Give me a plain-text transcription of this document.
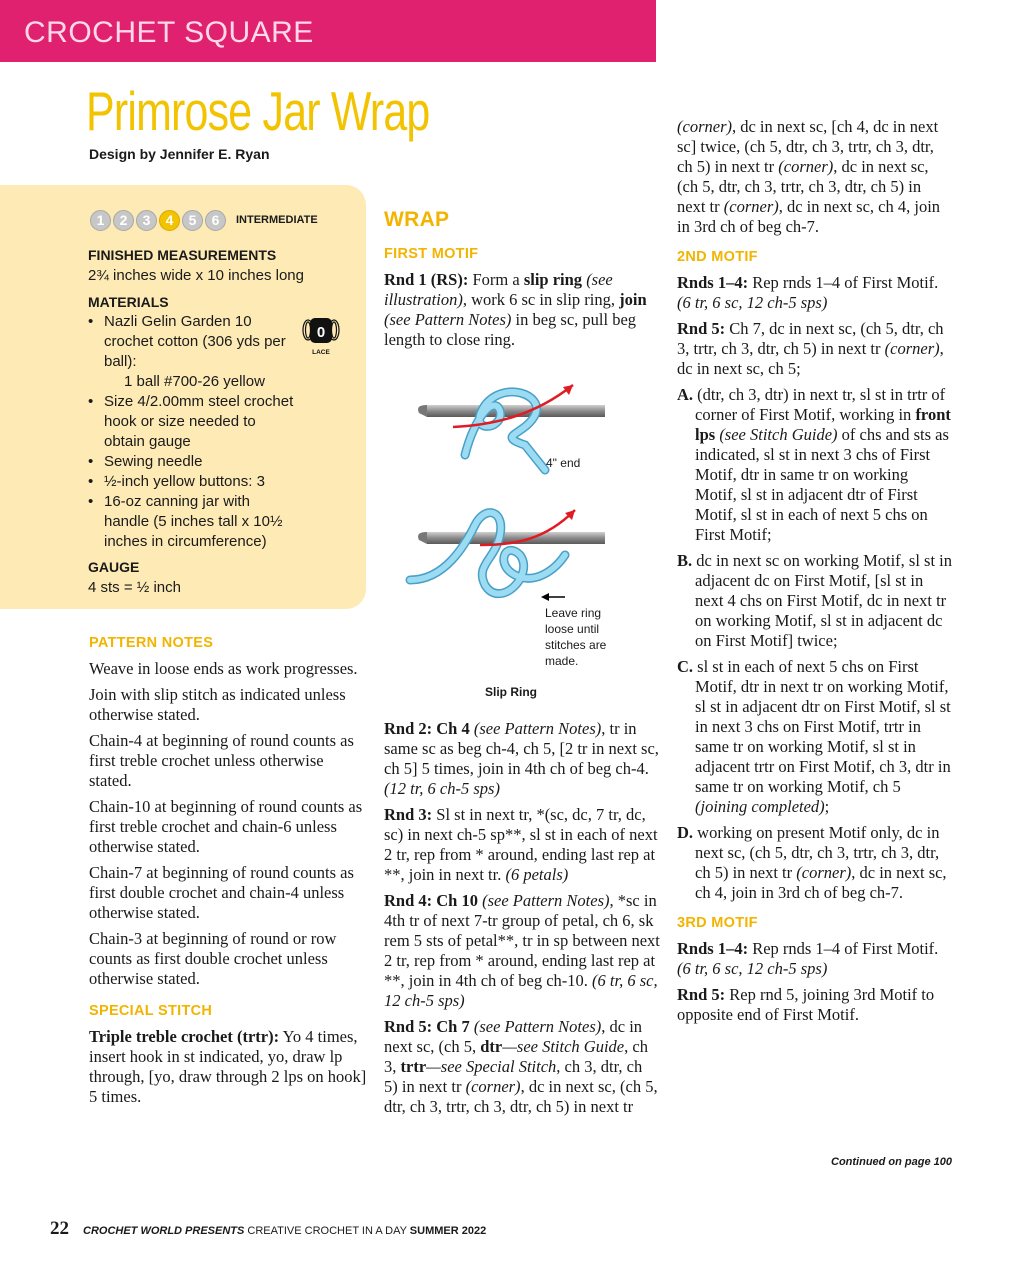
CROCHET SQUARE
Primrose Jar Wrap
Design by Jennifer E. Ryan
1	2	3	4	5	6	INTERMEDIATE
FINISHED MEASUREMENTS
2¾ inches wide x 10 inches long
MATERIALS
• Nazli Gelin Garden 10 crochet cotton (306 yds per ball):
1 ball #700-26 yellow
• Size 4/2.00mm steel crochet hook or size needed to obtain gauge
• Sewing needle
• ½-inch yellow buttons: 3
• 16-oz canning jar with handle (5 inches tall x 10½ inches in circumference)
0
LACE
GAUGE
4 sts = ½ inch
PATTERN NOTES

Weave in loose ends as work progresses.

Join with slip stitch as indicated unless otherwise stated.

Chain-4 at beginning of round counts as first treble crochet unless otherwise stated.

Chain-10 at beginning of round counts as first treble crochet and chain-6 unless otherwise stated.

Chain-7 at beginning of round counts as first double crochet and chain-4 unless otherwise stated.

Chain-3 at beginning of round or row counts as first double crochet unless otherwise stated.

SPECIAL STITCH

Triple treble crochet (trtr): Yo 4 times, insert hook in st indicated, yo, draw lp through, [yo, draw through 2 lps on hook] 5 times.

WRAP
FIRST MOTIF

Rnd 1 (RS): Form a slip ring (see illustration), work 6 sc in slip ring, join (see Pattern Notes) in beg sc, pull beg length to close ring.

4" end
Leave ring loose until stitches are made.
Slip Ring

Rnd 2: Ch 4 (see Pattern Notes), tr in same sc as beg ch-4, ch 5, [2 tr in next sc, ch 5] 5 times, join in 4th ch of beg ch-4. (12 tr, 6 ch-5 sps)

Rnd 3: Sl st in next tr, *(sc, dc, 7 tr, dc, sc) in next ch-5 sp**, sl st in each of next 2 tr, rep from * around, ending last rep at **, join in next tr. (6 petals)

Rnd 4: Ch 10 (see Pattern Notes), *sc in 4th tr of next 7-tr group of petal, ch 6, sk rem 5 sts of petal**, tr in sp between next 2 tr, rep from * around, ending last rep at **, join in 4th ch of beg ch-10. (6 tr, 6 sc, 12 ch-5 sps)

Rnd 5: Ch 7 (see Pattern Notes), dc in next sc, (ch 5, dtr—see Stitch Guide, ch 3, trtr—see Special Stitch, ch 3, dtr, ch 5) in next tr (corner), dc in next sc, (ch 5, dtr, ch 3, trtr, ch 3, dtr, ch 5) in next tr

(corner), dc in next sc, [ch 4, dc in next sc] twice, (ch 5, dtr, ch 3, trtr, ch 3, dtr, ch 5) in next tr (corner), dc in next sc, (ch 5, dtr, ch 3, trtr, ch 3, dtr, ch 5) in next tr (corner), dc in next sc, ch 4, join in 3rd ch of beg ch-7.

2ND MOTIF

Rnds 1–4: Rep rnds 1–4 of First Motif. (6 tr, 6 sc, 12 ch-5 sps)

Rnd 5: Ch 7, dc in next sc, (ch 5, dtr, ch 3, trtr, ch 3, dtr, ch 5) in next tr (corner), dc in next sc, ch 5;

A. (dtr, ch 3, dtr) in next tr, sl st in trtr of corner of First Motif, working in front lps (see Stitch Guide) of chs and sts as indicated, sl st in next 3 chs of First Motif, dtr in same tr on working Motif, sl st in adjacent dtr of First Motif, sl st in each of next 5 chs on First Motif;

B. dc in next sc on working Motif, sl st in adjacent dc on First Motif, [sl st in next 4 chs on First Motif, dc in next tr on working Motif, sl st in adjacent dc on First Motif] twice;

C. sl st in each of next 5 chs on First Motif, dtr in next tr on working Motif, sl st in adjacent dtr on First Motif, sl st in next 3 chs on First Motif, trtr in same tr on working Motif, sl st in adjacent trtr on First Motif, ch 3, dtr in same tr on working Motif, ch 5 (joining completed);

D. working on present Motif only, dc in next sc, (ch 5, dtr, ch 3, trtr, ch 3, dtr, ch 5) in next tr (corner), dc in next sc, ch 4, join in 3rd ch of beg ch-7.

3RD MOTIF

Rnds 1–4: Rep rnds 1–4 of First Motif. (6 tr, 6 sc, 12 ch-5 sps)

Rnd 5: Rep rnd 5, joining 3rd Motif to opposite end of First Motif.

Continued on page 100
22 CROCHET WORLD PRESENTS CREATIVE CROCHET IN A DAY SUMMER 2022
